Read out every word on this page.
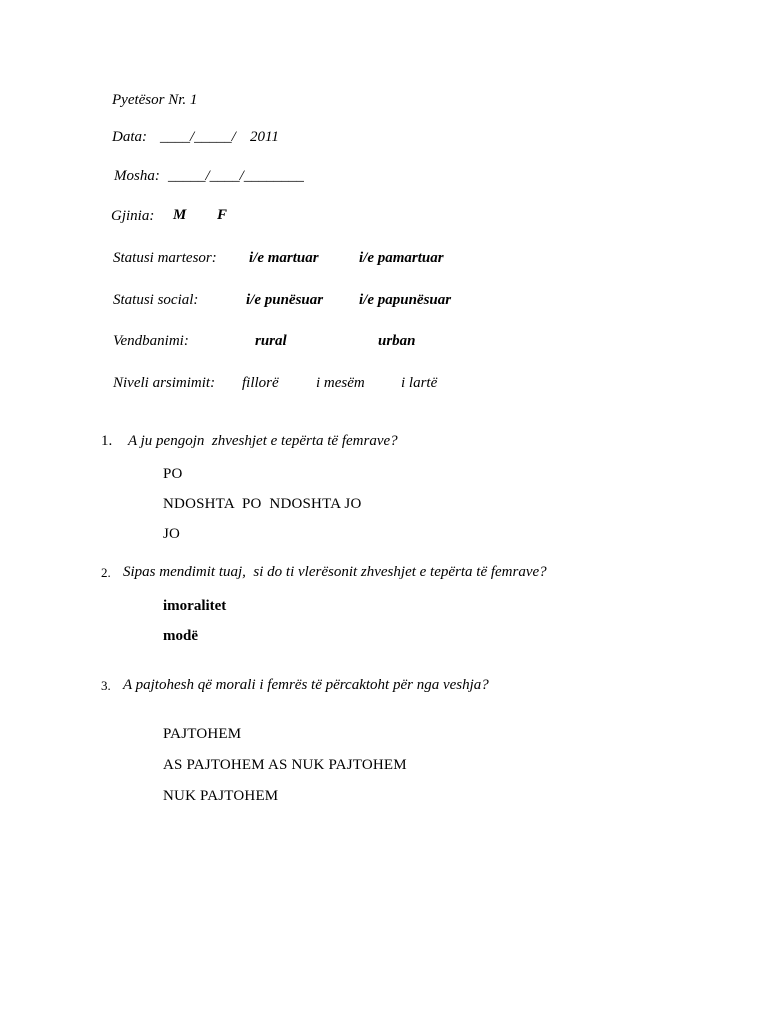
Pyetësor Nr. 1
Data: ____/_____/ 2011
Mosha: _____/____/________
Gjinia: M F
Statusi martesor: i/e martuar	i/e pamartuar
Statusi social:	i/e punësuar i/e papunësuar
Vendbanimi:	rural	urban
Niveli arsimimit: fillorë i mesëm i lartë
1. A ju pengojn  zhveshjet e tepërta të femrave?
PO
NDOSHTA  PO  NDOSHTA JO
JO
2. Sipas mendimit tuaj,  si do ti vlerësonit zhveshjet e tepërta të femrave?
imoralitet
modë
3. A pajtohesh që morali i femrës të përcaktoht për nga veshja?
PAJTOHEM
AS PAJTOHEM AS NUK PAJTOHEM
NUK PAJTOHEM
